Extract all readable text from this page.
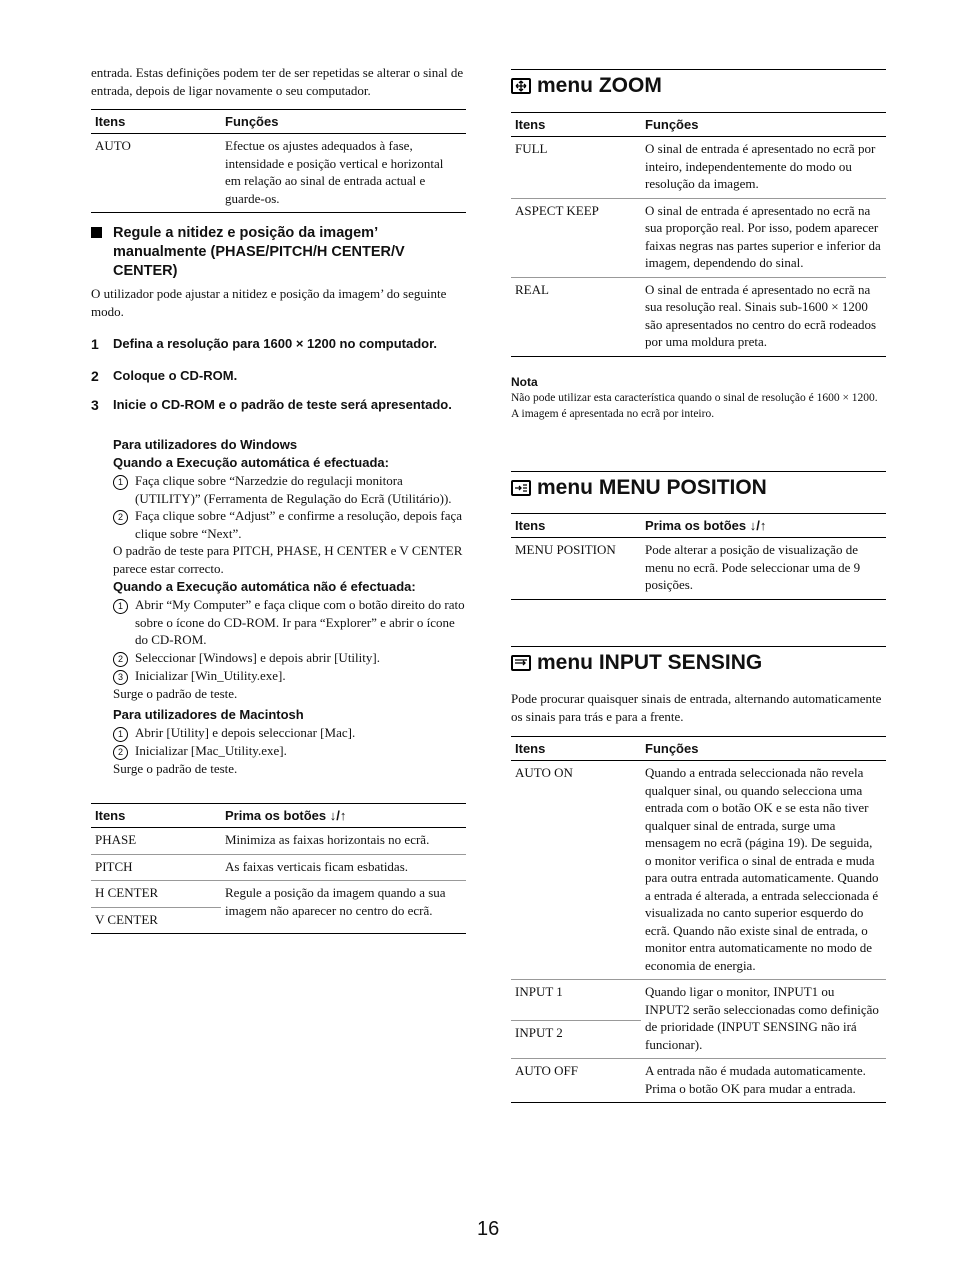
entrada. Estas definições podem ter de ser repetidas se alterar o sinal de entrada, depois de ligar novamente o seu computador.

Itens	Funções
AUTO	Efectue os ajustes adequados à fase, intensidade e posição vertical e horizontal em relação ao sinal de entrada actual e guarde-os.
Regule a nitidez e posição da imagem’ manualmente (PHASE/PITCH/H CENTER/V CENTER)

O utilizador pode ajustar a nitidez e posição da imagem’ do seguinte modo.

1	Defina a resolução para 1600 × 1200 no computador.
2	Coloque o CD-ROM.
3	Inicie o CD-ROM e o padrão de teste será apresentado.
Para utilizadores do Windows
Quando a Execução automática é efectuada:
1 Faça clique sobre “Narzedzie do regulacji monitora (UTILITY)” (Ferramenta de Regulação do Ecrã (Utilitário)).
2 Faça clique sobre “Adjust” e confirme a resolução, depois faça clique sobre “Next”.

O padrão de teste para PITCH, PHASE, H CENTER e V CENTER parece estar correcto.

Quando a Execução automática não é efectuada:
1 Abrir “My Computer” e faça clique com o botão direito do rato sobre o ícone do CD-ROM. Ir para “Explorer” e abrir o ícone do CD-ROM.
2 Seleccionar [Windows] e depois abrir [Utility].
3 Inicializar [Win_Utility.exe].

Surge o padrão de teste.

Para utilizadores de Macintosh
1 Abrir [Utility] e depois seleccionar [Mac].
2 Inicializar [Mac_Utility.exe].

Surge o padrão de teste.

Itens	Prima os botões ↓/↑
PHASE	Minimiza as faixas horizontais no ecrã.
PITCH	As faixas verticais ficam esbatidas.
H CENTER	Regule a posição da imagem quando a sua imagem não aparecer no centro do ecrã.
V CENTER	
menu ZOOM
Itens	Funções
FULL	O sinal de entrada é apresentado no ecrã por inteiro, independentemente do modo ou resolução da imagem.
ASPECT KEEP	O sinal de entrada é apresentado no ecrã na sua proporção real. Por isso, podem aparecer faixas negras nas partes superior e inferior da imagem, dependendo do sinal.
REAL	O sinal de entrada é apresentado no ecrã na sua resolução real. Sinais sub-1600 × 1200 são apresentados no centro do ecrã rodeados por uma moldura preta.
Nota

Não pode utilizar esta característica quando o sinal de resolução é 1600 × 1200. A imagem é apresentada no ecrã por inteiro.

menu MENU POSITION
Itens	Prima os botões ↓/↑
MENU POSITION	Pode alterar a posição de visualização de menu no ecrã. Pode seleccionar uma de 9 posições.
menu INPUT SENSING

Pode procurar quaisquer sinais de entrada, alternando automaticamente os sinais para trás e para a frente.

Itens	Funções
AUTO ON	Quando a entrada seleccionada não revela qualquer sinal, ou quando selecciona uma entrada com o botão OK e se esta não tiver qualquer sinal de entrada, surge uma mensagem no ecrã (página 19). De seguida, o monitor verifica o sinal de entrada e muda para outra entrada automaticamente. Quando a entrada é alterada, a entrada seleccionada é visualizada no canto superior esquerdo do ecrã. Quando não existe sinal de entrada, o monitor entra automaticamente no modo de economia de energia.
INPUT 1	Quando ligar o monitor, INPUT1 ou INPUT2 serão seleccionadas como definição de prioridade (INPUT SENSING não irá funcionar).
INPUT 2	
AUTO OFF	A entrada não é mudada automaticamente. Prima o botão OK para mudar a entrada.
16
